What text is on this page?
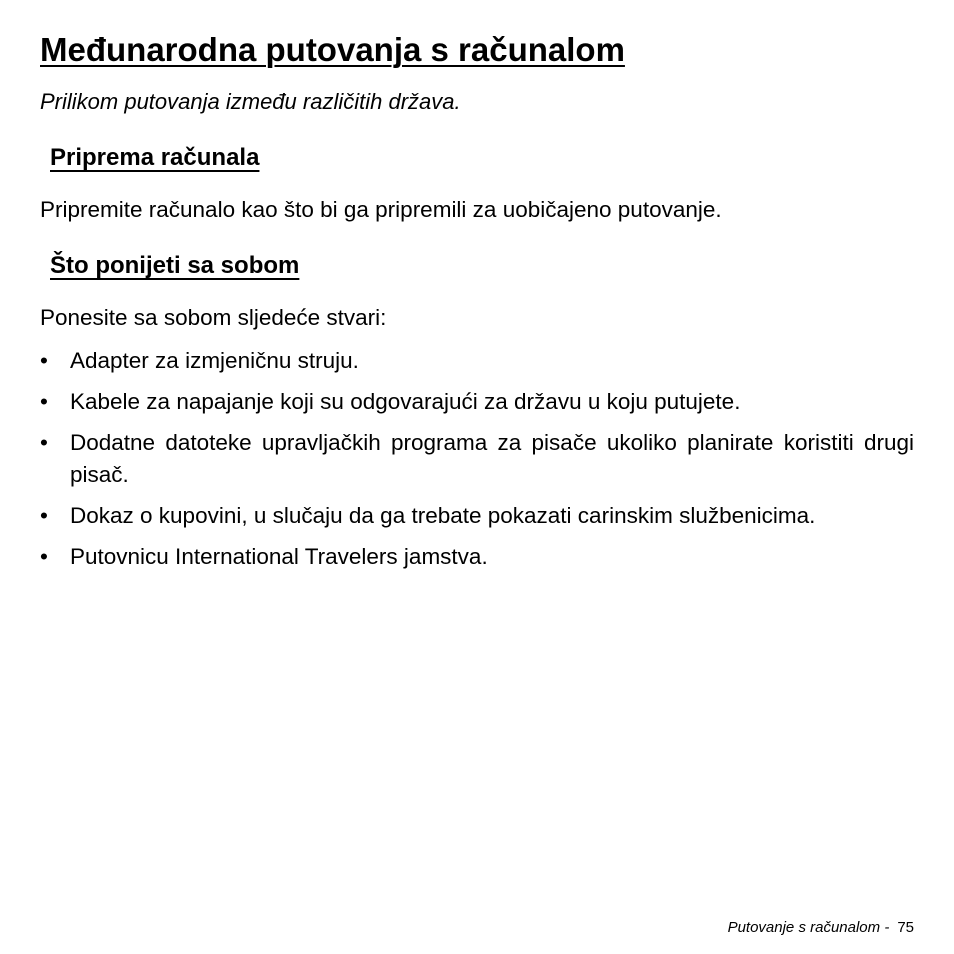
Međunarodna putovanja s računalom

Prilikom putovanja između različitih država.

Priprema računala

Pripremite računalo kao što bi ga pripremili za uobičajeno putovanje.

Što ponijeti sa sobom

Ponesite sa sobom sljedeće stvari:

• Adapter za izmjeničnu struju.
• Kabele za napajanje koji su odgovarajući za državu u koju putujete.
• Dodatne datoteke upravljačkih programa za pisače ukoliko planirate koristiti drugi pisač.
• Dokaz o kupovini, u slučaju da ga trebate pokazati carinskim službenicima.
• Putovnicu International Travelers jamstva.
Putovanje s računalom - 75
